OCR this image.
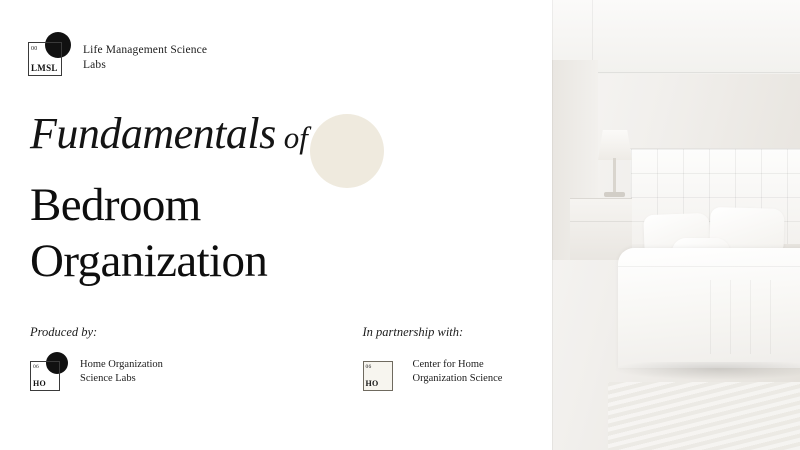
00
LMSL
Life Management Science Labs
Fundamentals of
Bedroom
Organization
Produced by:
06
HO
Home Organization Science Labs
In partnership with:
06
HO
Center for Home Organization Science
